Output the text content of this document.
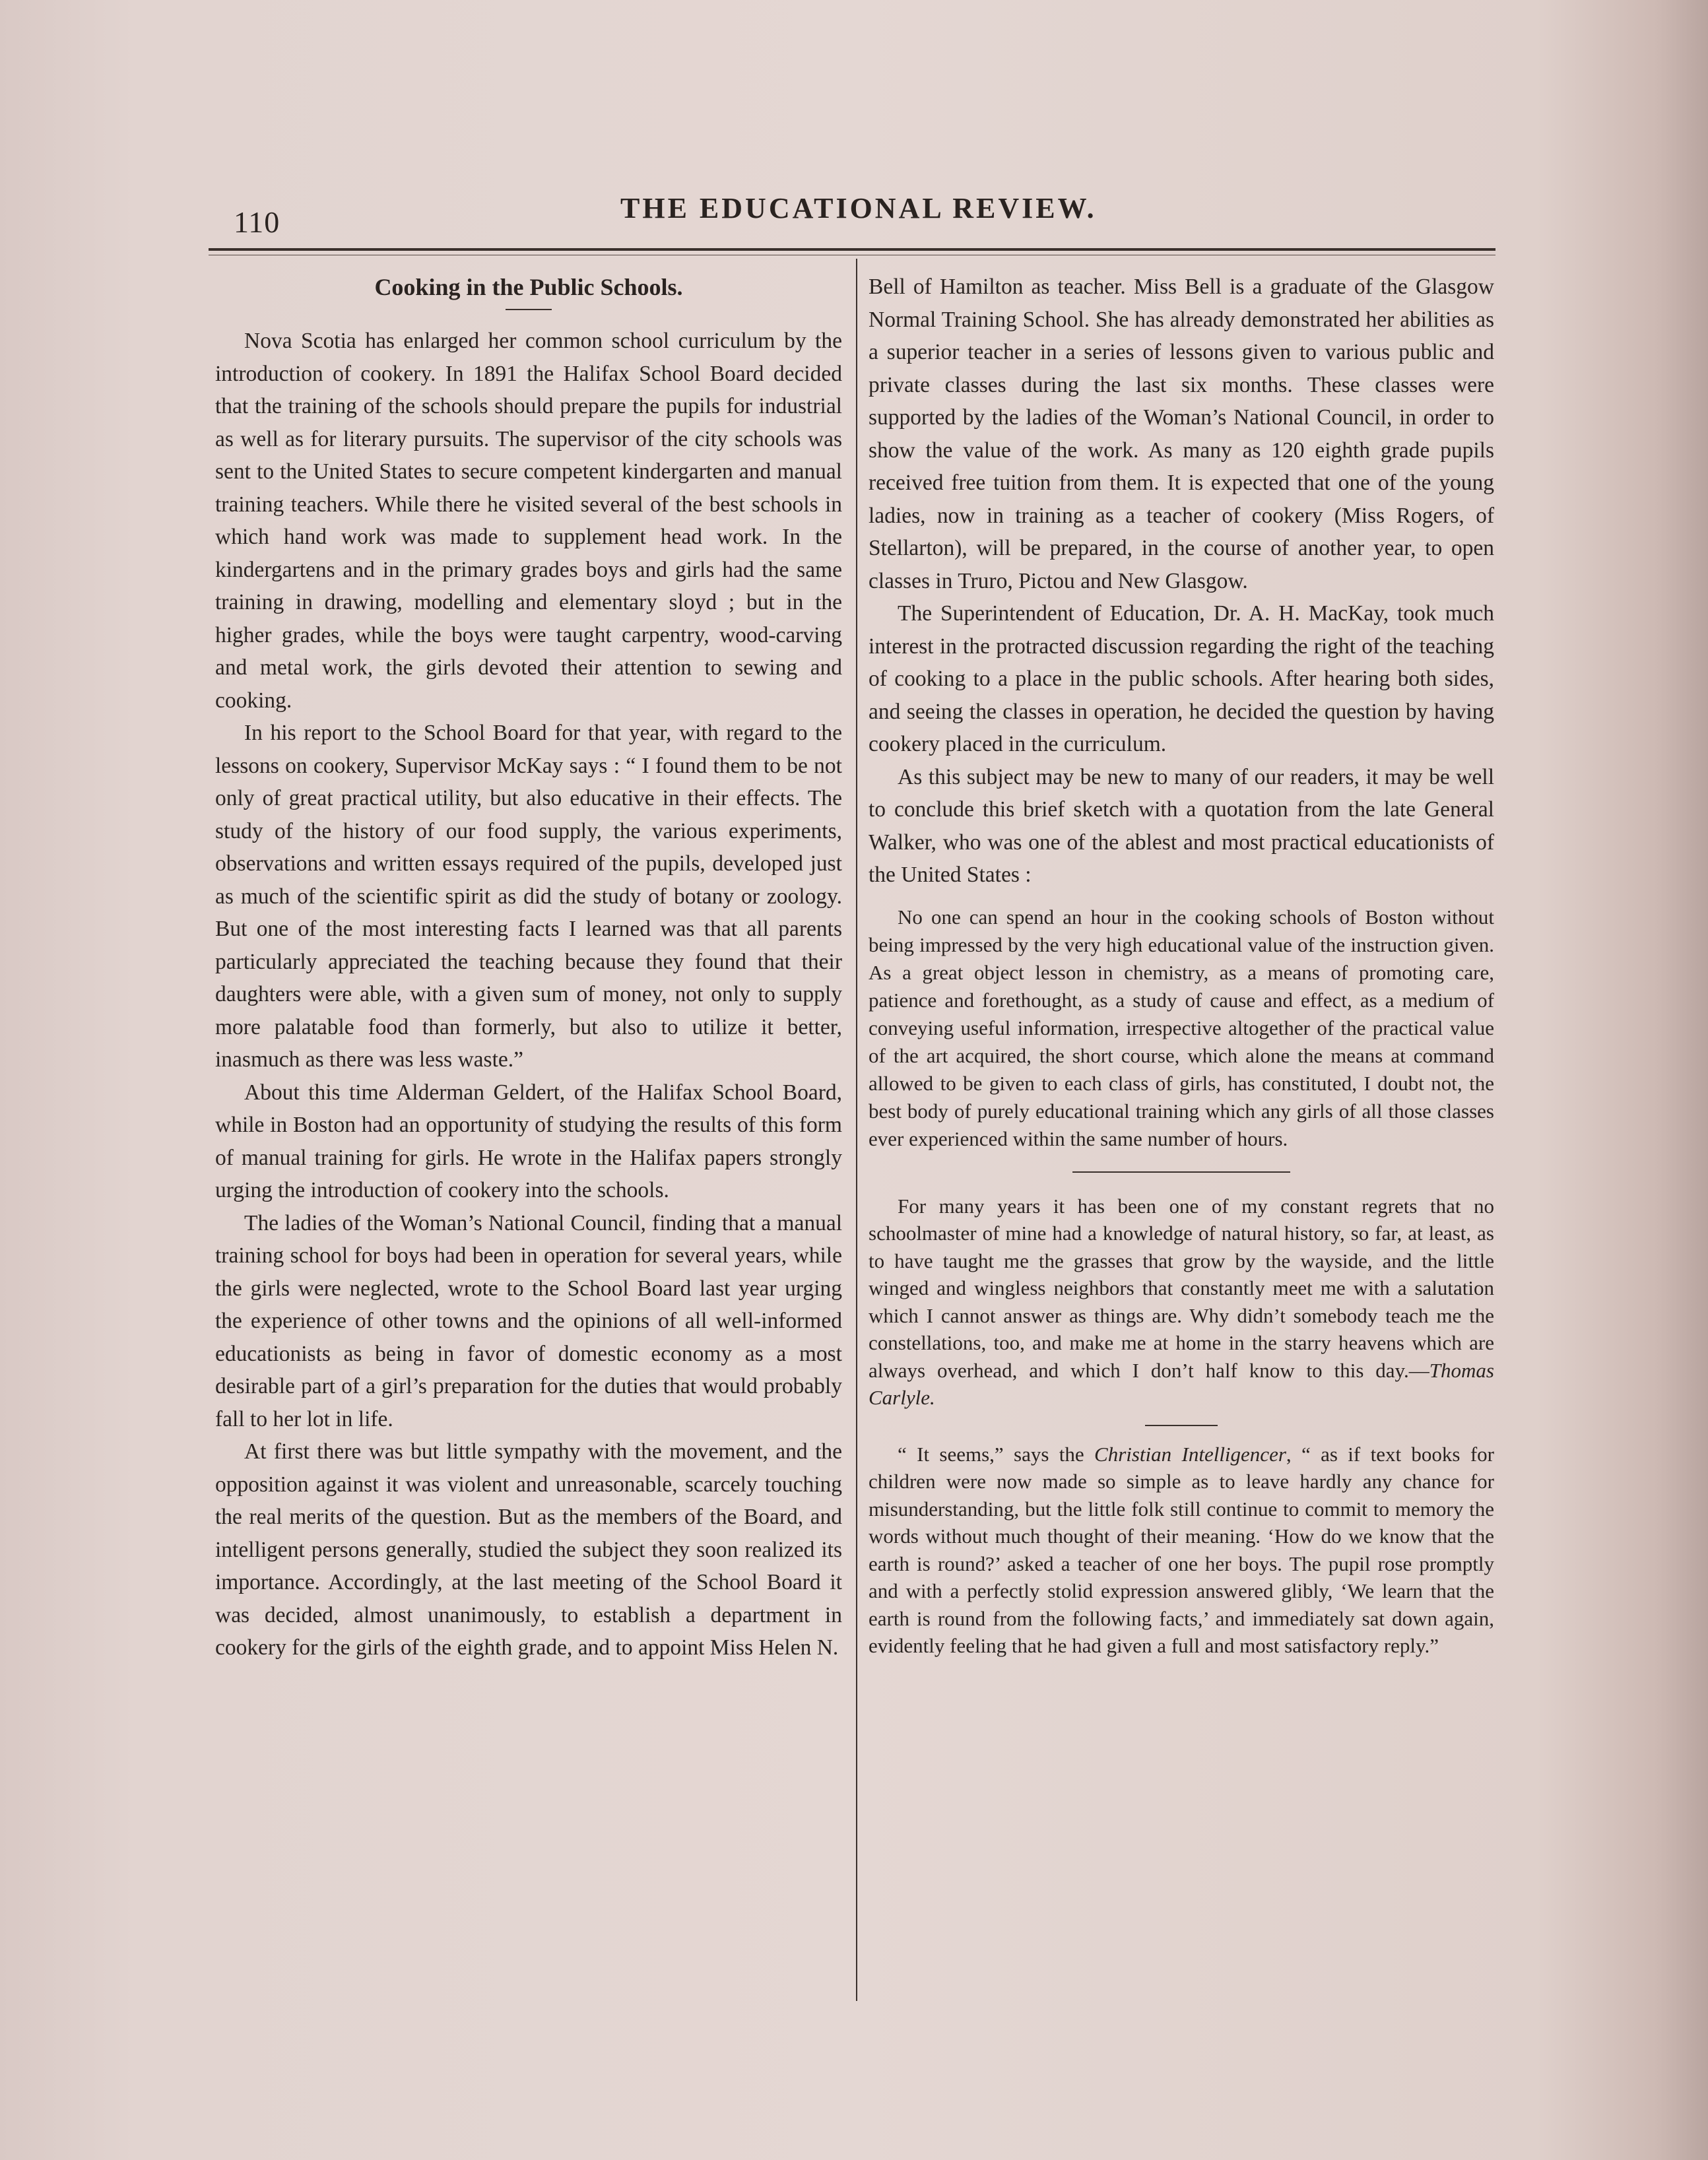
110	THE EDUCATIONAL REVIEW.
Cooking in the Public Schools.

Nova Scotia has enlarged her common school curriculum by the introduction of cookery. In 1891 the Halifax School Board decided that the training of the schools should prepare the pupils for industrial as well as for literary pursuits. The supervisor of the city schools was sent to the United States to secure competent kindergarten and manual training teachers. While there he visited several of the best schools in which hand work was made to supplement head work. In the kindergartens and in the primary grades boys and girls had the same training in drawing, modelling and elementary sloyd ; but in the higher grades, while the boys were taught carpentry, wood-carving and metal work, the girls devoted their attention to sewing and cooking.

In his report to the School Board for that year, with regard to the lessons on cookery, Supervisor McKay says : “ I found them to be not only of great practical utility, but also educative in their effects. The study of the history of our food supply, the various experiments, observations and written essays required of the pupils, developed just as much of the scientific spirit as did the study of botany or zoology. But one of the most interesting facts I learned was that all parents particularly appreciated the teaching because they found that their daughters were able, with a given sum of money, not only to supply more palatable food than formerly, but also to utilize it better, inasmuch as there was less waste.”

About this time Alderman Geldert, of the Halifax School Board, while in Boston had an opportunity of studying the results of this form of manual training for girls. He wrote in the Halifax papers strongly urging the introduction of cookery into the schools.

The ladies of the Woman’s National Council, finding that a manual training school for boys had been in operation for several years, while the girls were neglected, wrote to the School Board last year urging the experience of other towns and the opinions of all well-informed educationists as being in favor of domestic economy as a most desirable part of a girl’s preparation for the duties that would probably fall to her lot in life.

At first there was but little sympathy with the movement, and the opposition against it was violent and unreasonable, scarcely touching the real merits of the question. But as the members of the Board, and intelligent persons generally, studied the subject they soon realized its importance. Accordingly, at the last meeting of the School Board it was decided, almost unanimously, to establish a department in cookery for the girls of the eighth grade, and to appoint Miss Helen N.

Bell of Hamilton as teacher. Miss Bell is a graduate of the Glasgow Normal Training School. She has already demonstrated her abilities as a superior teacher in a series of lessons given to various public and private classes during the last six months. These classes were supported by the ladies of the Woman’s National Council, in order to show the value of the work. As many as 120 eighth grade pupils received free tuition from them. It is expected that one of the young ladies, now in training as a teacher of cookery (Miss Rogers, of Stellarton), will be prepared, in the course of another year, to open classes in Truro, Pictou and New Glasgow.

The Superintendent of Education, Dr. A. H. MacKay, took much interest in the protracted discussion regarding the right of the teaching of cooking to a place in the public schools. After hearing both sides, and seeing the classes in operation, he decided the question by having cookery placed in the curriculum.

As this subject may be new to many of our readers, it may be well to conclude this brief sketch with a quotation from the late General Walker, who was one of the ablest and most practical educationists of the United States :

No one can spend an hour in the cooking schools of Boston without being impressed by the very high educational value of the instruction given. As a great object lesson in chemistry, as a means of promoting care, patience and forethought, as a study of cause and effect, as a medium of conveying useful information, irrespective altogether of the practical value of the art acquired, the short course, which alone the means at command allowed to be given to each class of girls, has constituted, I doubt not, the best body of purely educational training which any girls of all those classes ever experienced within the same number of hours.

For many years it has been one of my constant regrets that no schoolmaster of mine had a knowledge of natural history, so far, at least, as to have taught me the grasses that grow by the wayside, and the little winged and wingless neighbors that constantly meet me with a salutation which I cannot answer as things are. Why didn’t somebody teach me the constellations, too, and make me at home in the starry heavens which are always overhead, and which I don’t half know to this day.—Thomas Carlyle.

“ It seems,” says the Christian Intelligencer, “ as if text books for children were now made so simple as to leave hardly any chance for misunderstanding, but the little folk still continue to commit to memory the words without much thought of their meaning. ‘How do we know that the earth is round?’ asked a teacher of one her boys. The pupil rose promptly and with a perfectly stolid expression answered glibly, ‘We learn that the earth is round from the following facts,’ and immediately sat down again, evidently feeling that he had given a full and most satisfactory reply.”
